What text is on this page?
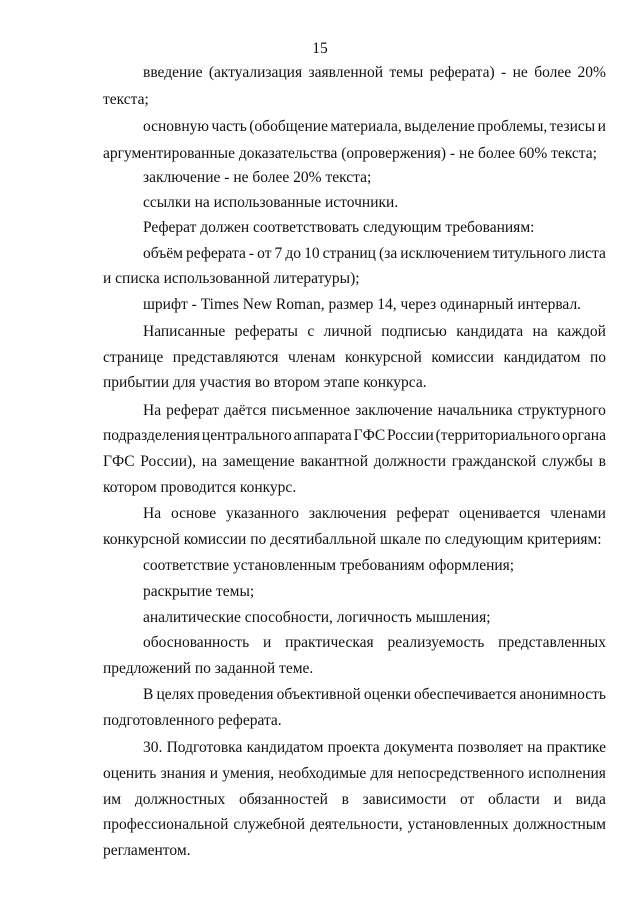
15
введение (актуализация заявленной темы реферата) - не более 20%
текста;
основную часть (обобщение материала, выделение проблемы, тезисы и
аргументированные доказательства (опровержения) - не более 60% текста;
заключение - не более 20% текста;
ссылки на использованные источники.
Реферат должен соответствовать следующим требованиям:
объём реферата - от 7 до 10 страниц (за исключением титульного листа
и списка использованной литературы);
шрифт - Times New Roman, размер 14, через одинарный интервал.
Написанные рефераты с личной подписью кандидата на каждой
странице представляются членам конкурсной комиссии кандидатом по
прибытии для участия во втором этапе конкурса.
На реферат даётся письменное заключение начальника структурного
подразделения центрального аппарата ГФС России (территориального органа
ГФС России), на замещение вакантной должности гражданской службы в
котором проводится конкурс.
На основе указанного заключения реферат оценивается членами
конкурсной комиссии по десятибалльной шкале по следующим критериям:
соответствие установленным требованиям оформления;
раскрытие темы;
аналитические способности, логичность мышления;
обоснованность и практическая реализуемость представленных
предложений по заданной теме.
В целях проведения объективной оценки обеспечивается анонимность
подготовленного реферата.
30. Подготовка кандидатом проекта документа позволяет на практике
оценить знания и умения, необходимые для непосредственного исполнения
им должностных обязанностей в зависимости от области и вида
профессиональной служебной деятельности, установленных должностным
регламентом.
